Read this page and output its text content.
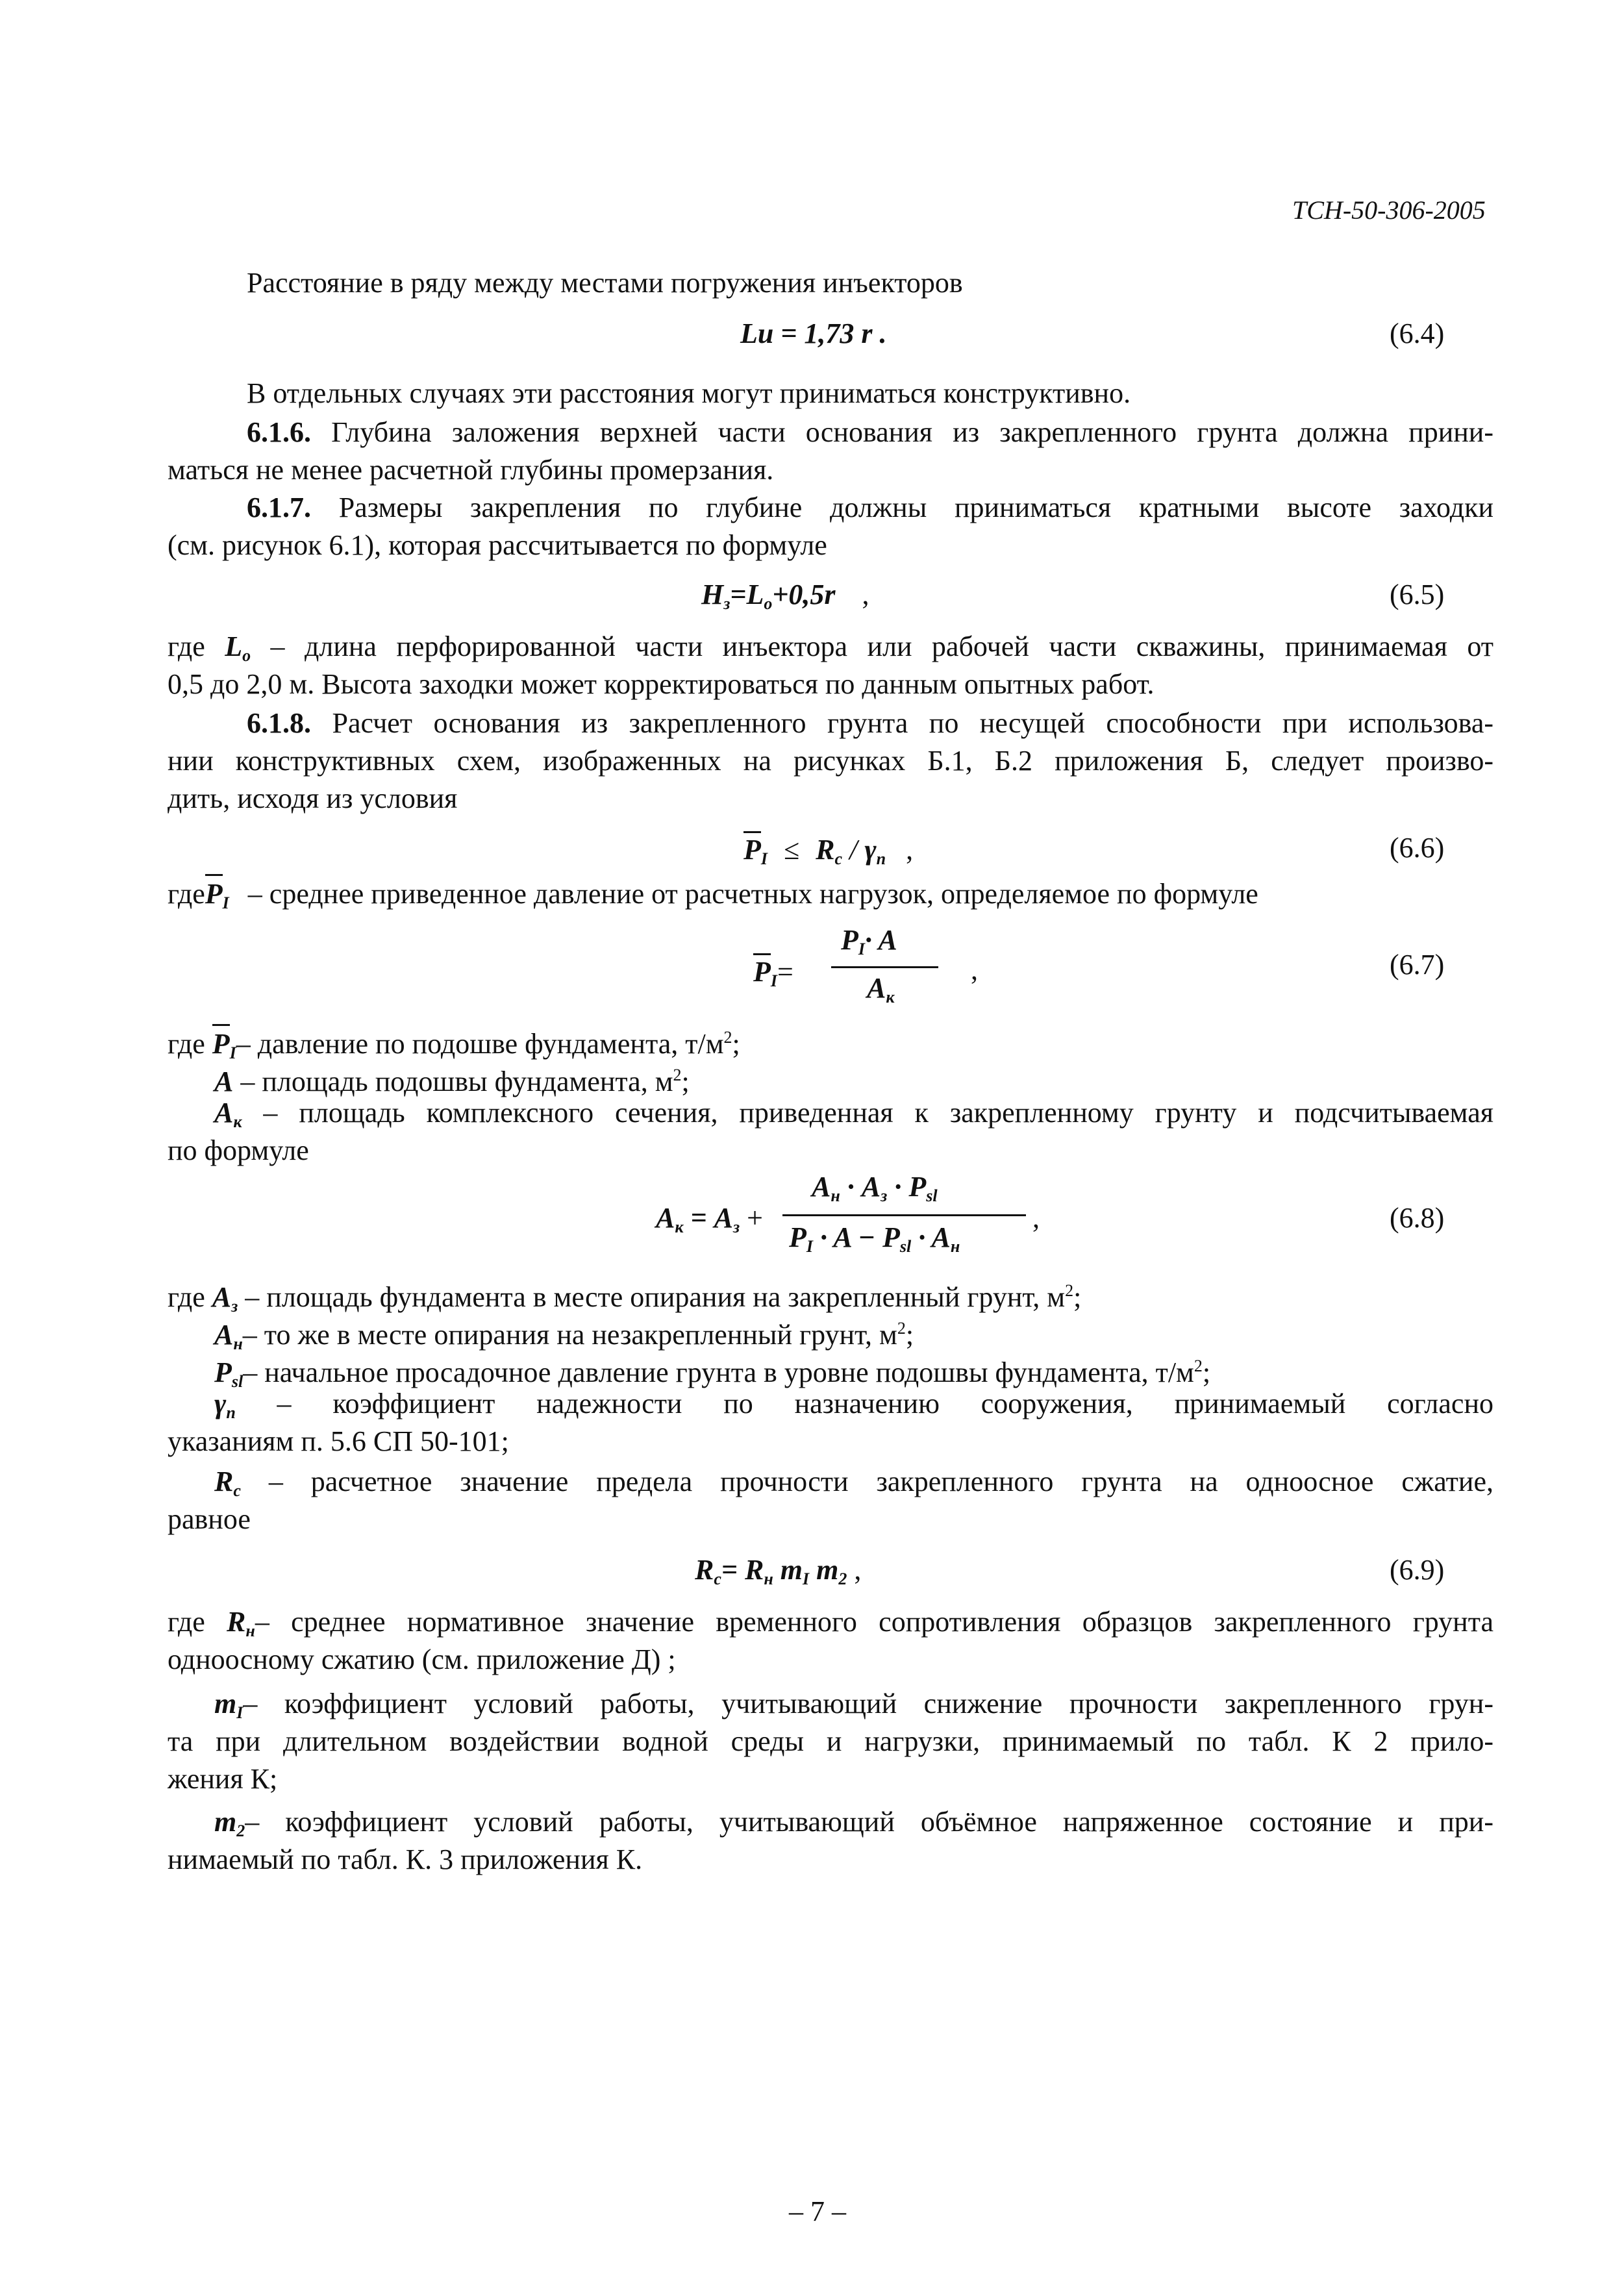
ТСН-50-306-2005
Расстояние в ряду между местами погружения инъекторов
Lu = 1,73 r .	(6.4)
В отдельных случаях эти расстояния могут приниматься конструктивно.
6.1.6. Глубина заложения верхней части основания из закрепленного грунта должна прини-
маться не менее расчетной глубины промерзания.
6.1.7. Размеры закрепления по глубине должны приниматься кратными высоте заходки
(см. рисунок 6.1), которая рассчитывается по формуле
$H_з=L_o+0,5r$ ,	(6.5)
где $L_o$ – длина перфорированной части инъектора или рабочей части скважины, принимаемая от
0,5 до 2,0 м. Высота заходки может корректироваться по данным опытных работ.
6.1.8. Расчет основания из закрепленного грунта по несущей способности при использова-
нии конструктивных схем, изображенных на рисунках Б.1, Б.2 приложения Б, следует произво-
дить, исходя из условия
$P_I \le R_c / \gamma_n$ ,	(6.6)
гдеP$_I$ – среднее приведенное давление от расчетных нагрузок, определяемое по формуле
$P_I=$
$P_I\cdot A$
$A_к$
,	(6.7)
где $P_I-$ давление по подошве фундамента, $т/м^2$;
A – площадь подошвы фундамента, $м^2$;
$A_к$ – площадь комплексного сечения, приведенная к закрепленному грунту и подсчитываемая
по формуле
$A_к = A_з$ +
$A_н \cdot A_з \cdot P_{sl}$
$P_I \cdot A - P_{sl} \cdot A_н$
,	(6.8)
где $A_з$ – площадь фундамента в месте опирания на закрепленный грунт, $м^2$;
$A_н-$ то же в месте опирания на незакрепленный грунт, $м^2$;
$P_{sl}-$ начальное просадочное давление грунта в уровне подошвы фундамента, $т/м^2$;
$\gamma_n$ – коэффициент надежности по назначению сооружения, принимаемый согласно
указаниям п. 5.6 СП 50-101;
$R_c$ – расчетное значение предела прочности закрепленного грунта на одноосное сжатие,
равное
$R_c= R_н$ $m_I$ $m_2$ ,	(6.9)
где $R_н-$ среднее нормативное значение временного сопротивления образцов закрепленного грунта
одноосному сжатию (см. приложение Д) ;
$m_I-$ коэффициент условий работы, учитывающий снижение прочности закрепленного грун-
та при длительном воздействии водной среды и нагрузки, принимаемый по табл. К 2 прило-
жения К;
$m_2-$ коэффициент условий работы, учитывающий объёмное напряженное состояние и при-
нимаемый по табл. К. 3 приложения К.
– 7 –
